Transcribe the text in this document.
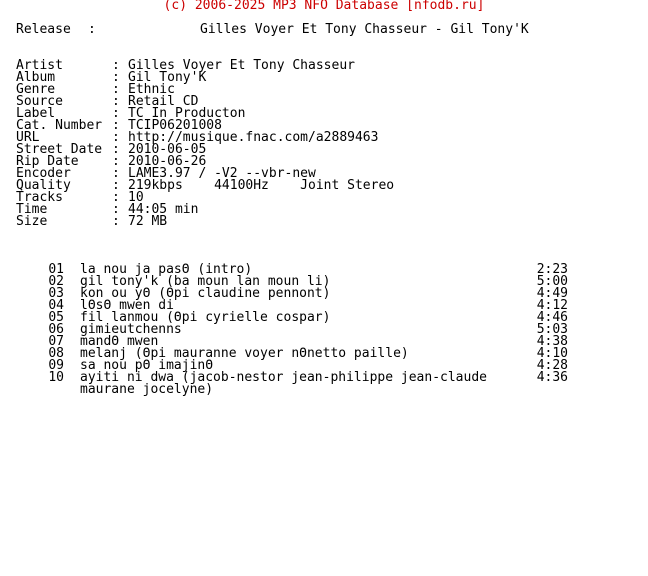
(c) 2006-2025 MP3 NFO Database [nfodb.ru]
Release :	Gilles Voyer Et Tony Chasseur - Gil Tony'K
Artist	: Gilles Voyer Et Tony Chasseur
Album	: Gil Tony'K
Genre	: Ethnic
Source	: Retail CD
Label	: TC In Producton
Cat. Number : TCIP06201008
URL	: http://musique.fnac.com/a2889463
Street Date : 2010-06-05
Rip Date	: 2010-06-26
Encoder	: LAME3.97 / -V2 --vbr-new
Quality	: 219kbps    44100Hz    Joint Stereo
Tracks	: 10
Time	: 44:05 min
Size	: 72 MB
01 la nou ja pasΘ (intro)	2:23
02 gil tony'k (ba moun lan moun li)	5:00
03 kon ou yΘ (Θpi claudine pennont)	4:49
04 lΘsΘ mwen di	4:12
05 fil lanmou (Θpi cyrielle cospar)	4:46
06 gimieutchenns	5:03
07 mandΘ mwen	4:38
08 melanj (Θpi mauranne voyer nΘnetto paille)	4:10
09 sa nou pΘ imajinΘ	4:28
10 ayiti ni dwa (jacob-nestor jean-philippe jean-claude	4:36
maurane jocelyne)
